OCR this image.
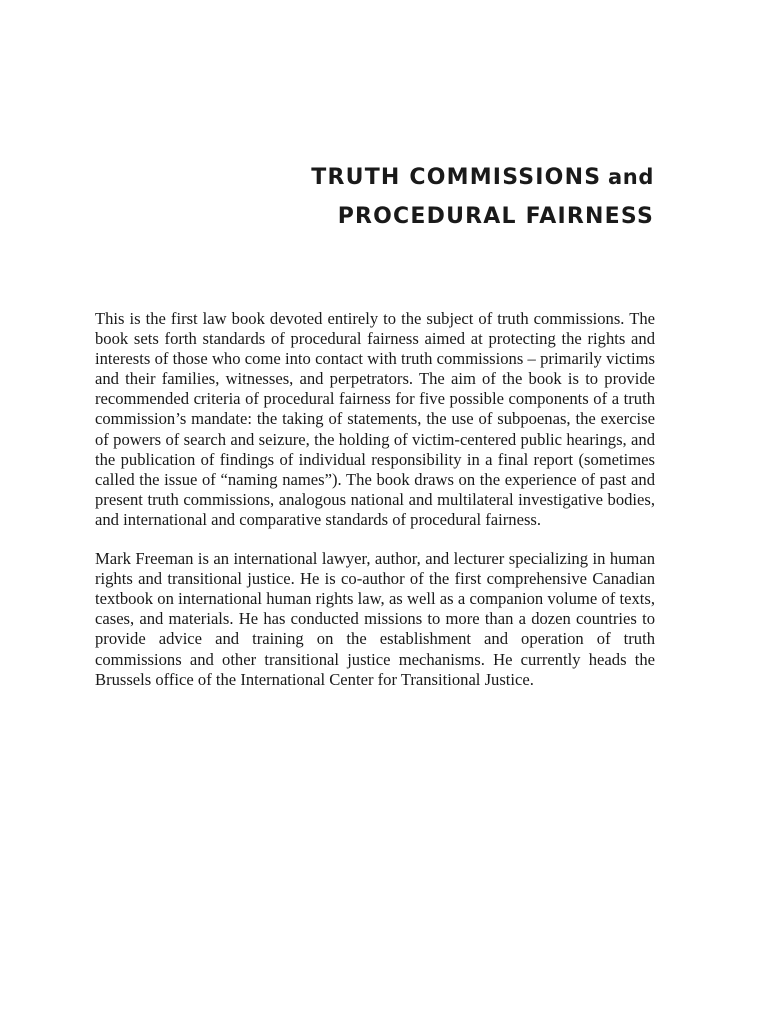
TRUTH COMMISSIONS and
PROCEDURAL FAIRNESS

This is the first law book devoted entirely to the subject of truth commissions. The book sets forth standards of procedural fairness aimed at protecting the rights and interests of those who come into contact with truth commissions – primarily victims and their families, witnesses, and perpetrators. The aim of the book is to provide recommended criteria of procedural fairness for five possible components of a truth commission’s mandate: the taking of statements, the use of subpoenas, the exercise of powers of search and seizure, the holding of victim-centered public hearings, and the publication of findings of individual responsibility in a final report (sometimes called the issue of “naming names”). The book draws on the experience of past and present truth commissions, analogous national and multilateral investigative bodies, and international and comparative standards of procedural fairness.

Mark Freeman is an international lawyer, author, and lecturer specializing in human rights and transitional justice. He is co-author of the first comprehensive Canadian textbook on international human rights law, as well as a companion volume of texts, cases, and materials. He has conducted missions to more than a dozen countries to provide advice and training on the establishment and operation of truth commissions and other transitional justice mechanisms. He currently heads the Brussels office of the International Center for Transitional Justice.
